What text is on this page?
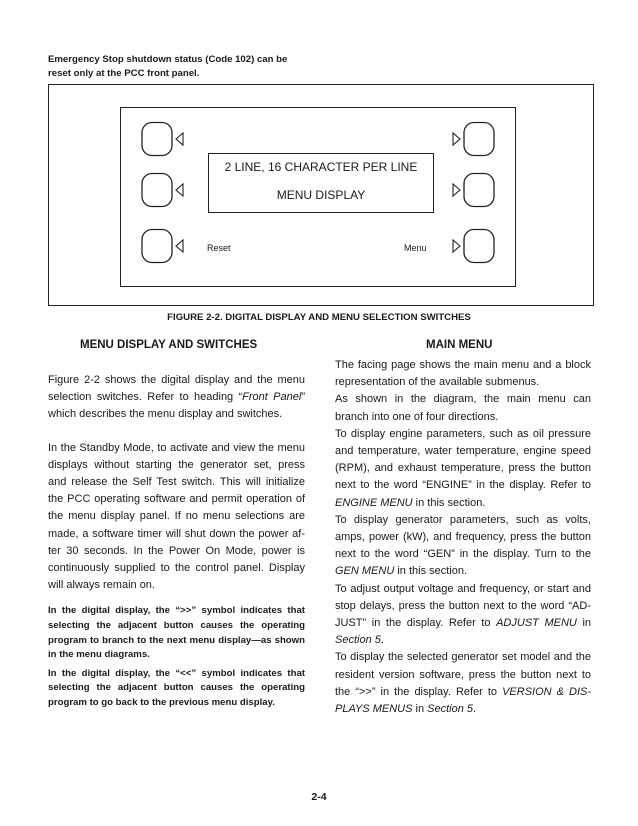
Emergency Stop shutdown status (Code 102) can be
reset only at the PCC front panel.
2 LINE, 16 CHARACTER PER LINE
MENU DISPLAY
Reset	Menu
FIGURE 2-2. DIGITAL DISPLAY AND MENU SELECTION SWITCHES
MENU DISPLAY AND SWITCHES	MAIN MENU

Figure 2-2 shows the digital display and the menu selection switches. Refer to heading “Front Panel” which describes the menu display and switches.

In the Standby Mode, to activate and view the menu displays without starting the generator set, press and release the Self Test switch. This will initialize the PCC operating software and permit operation of the menu display panel. If no menu selections are made, a software timer will shut down the power af- ter 30 seconds. In the Power On Mode, power is continuously supplied to the control panel. Display will always remain on.

In the digital display, the “>>” symbol indicates that selecting the adjacent button causes the operating program to branch to the next menu display—as shown in the menu diagrams.

In the digital display, the “<<” symbol indicates that selecting the adjacent button causes the operating program to go back to the previous menu display.

The facing page shows the main menu and a block representation of the available submenus.

As shown in the diagram, the main menu can branch into one of four directions.

To display engine parameters, such as oil pressure and temperature, water temperature, engine speed (RPM), and exhaust temperature, press the button next to the word “ENGINE” in the display. Refer to ENGINE MENU in this section.

To display generator parameters, such as volts, amps, power (kW), and frequency, press the button next to the word “GEN” in the display. Turn to the GEN MENU in this section.

To adjust output voltage and frequency, or start and stop delays, press the button next to the word “AD- JUST” in the display. Refer to ADJUST MENU in Section 5.

To display the selected generator set model and the resident version software, press the button next to the “>>” in the display. Refer to VERSION & DIS- PLAYS MENUS in Section 5.

2-4
